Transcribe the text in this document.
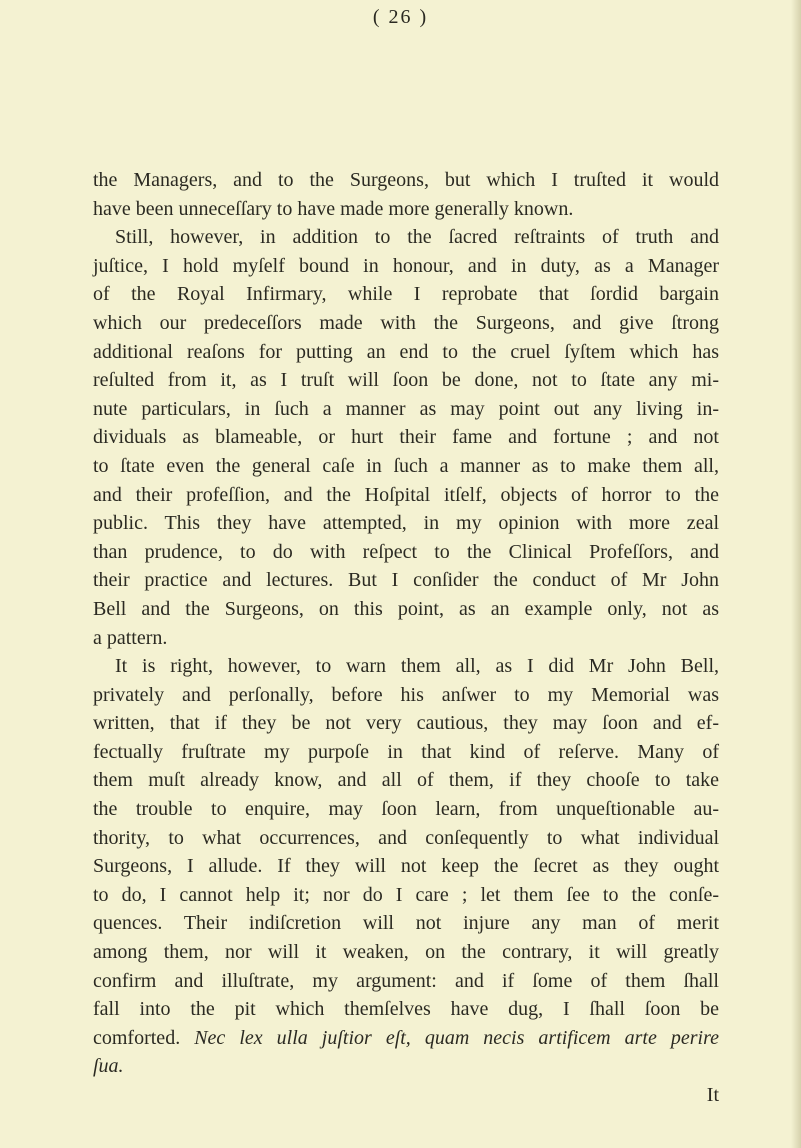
( 26 )
the Managers, and to the Surgeons, but which I truſted it would
have been unneceſſary to have made more generally known.
Still, however, in addition to the ſacred reſtraints of truth and
juſtice, I hold myſelf bound in honour, and in duty, as a Manager
of the Royal Infirmary, while I reprobate that ſordid bargain
which our predeceſſors made with the Surgeons, and give ſtrong
additional reaſons for putting an end to the cruel ſyſtem which has
reſulted from it, as I truſt will ſoon be done, not to ſtate any mi-
nute particulars, in ſuch a manner as may point out any living in-
dividuals as blameable, or hurt their fame and fortune ; and not
to ſtate even the general caſe in ſuch a manner as to make them all,
and their profeſſion, and the Hoſpital itſelf, objects of horror to the
public. This they have attempted, in my opinion with more zeal
than prudence, to do with reſpect to the Clinical Profeſſors, and
their practice and lectures. But I conſider the conduct of Mr John
Bell and the Surgeons, on this point, as an example only, not as
a pattern.
It is right, however, to warn them all, as I did Mr John Bell,
privately and perſonally, before his anſwer to my Memorial was
written, that if they be not very cautious, they may ſoon and ef-
fectually fruſtrate my purpoſe in that kind of reſerve. Many of
them muſt already know, and all of them, if they chooſe to take
the trouble to enquire, may ſoon learn, from unqueſtionable au-
thority, to what occurrences, and conſequently to what individual
Surgeons, I allude. If they will not keep the ſecret as they ought
to do, I cannot help it; nor do I care ; let them ſee to the conſe-
quences. Their indiſcretion will not injure any man of merit
among them, nor will it weaken, on the contrary, it will greatly
confirm and illuſtrate, my argument: and if ſome of them ſhall
fall into the pit which themſelves have dug, I ſhall ſoon be
comforted. Nec lex ulla juſtior eſt, quam necis artificem arte perire
ſua.
It
